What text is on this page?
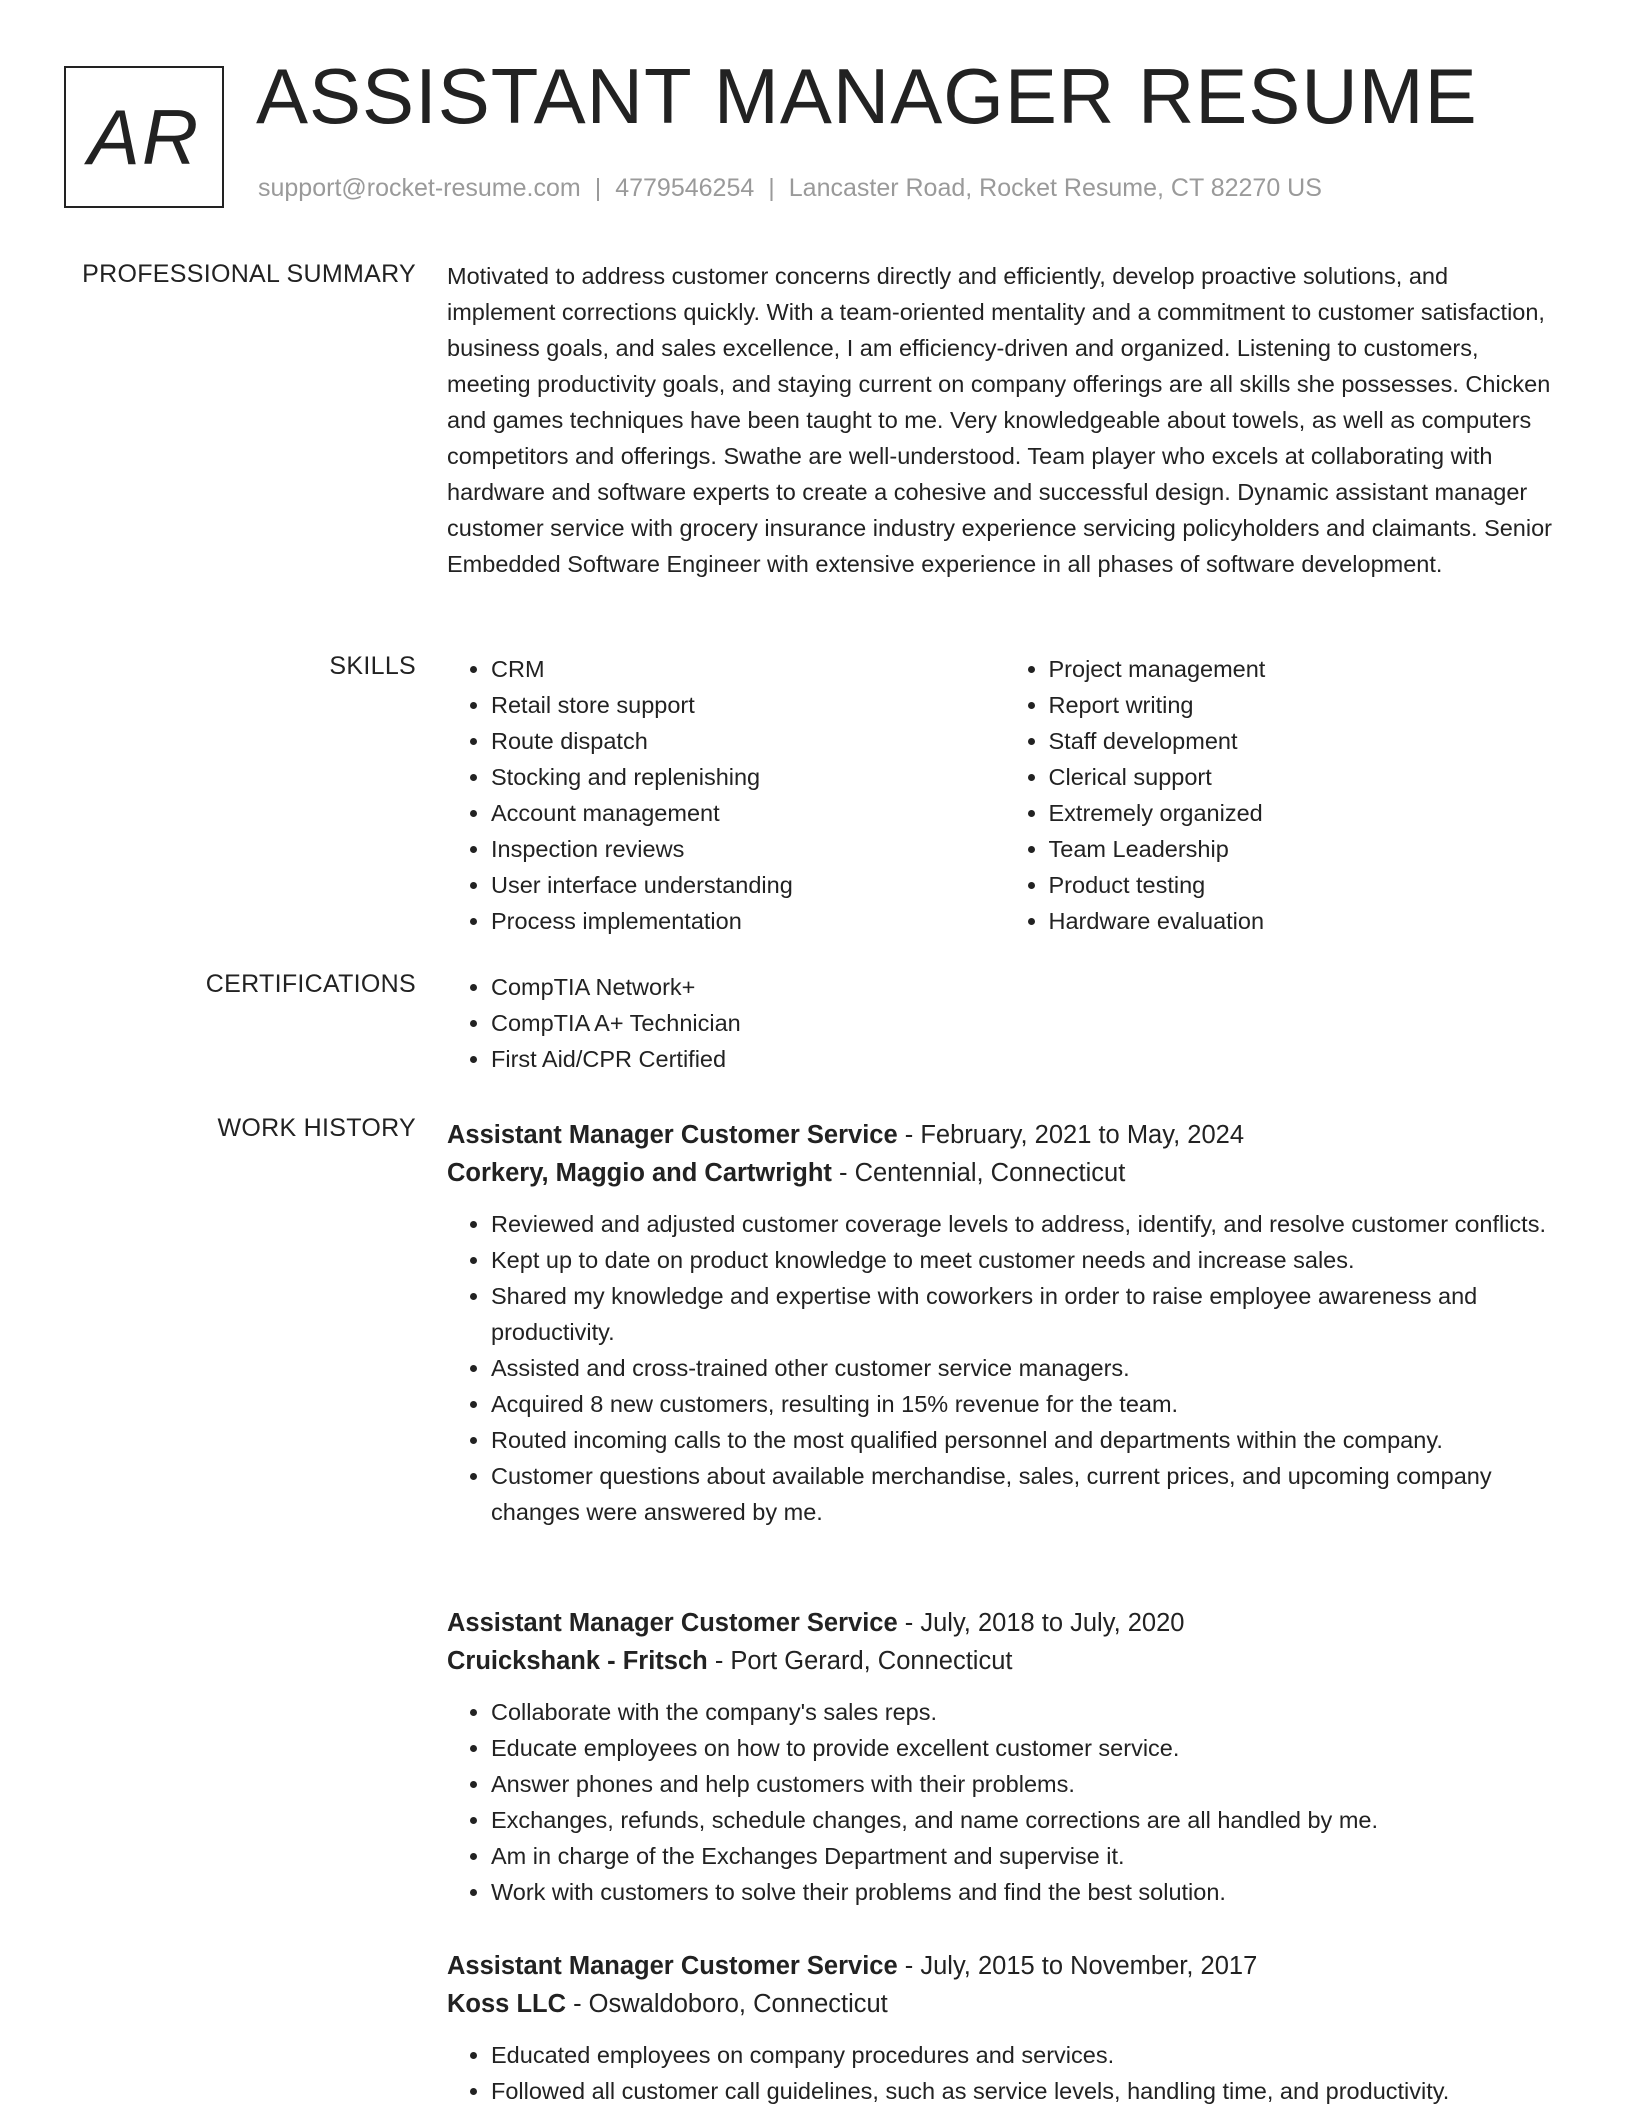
AR ASSISTANT MANAGER RESUME
support@rocket-resume.com | 4779546254 | Lancaster Road, Rocket Resume, CT 82270 US
PROFESSIONAL SUMMARY Motivated to address customer concerns directly and efficiently, develop proactive solutions, and implement corrections quickly. With a team-oriented mentality and a commitment to customer satisfaction, business goals, and sales excellence, I am efficiency-driven and organized. Listening to customers, meeting productivity goals, and staying current on company offerings are all skills she possesses. Chicken and games techniques have been taught to me. Very knowledgeable about towels, as well as computers competitors and offerings. Swathe are well-understood. Team player who excels at collaborating with hardware and software experts to create a cohesive and successful design. Dynamic assistant manager customer service with grocery insurance industry experience servicing policyholders and claimants. Senior Embedded Software Engineer with extensive experience in all phases of software development.

SKILLS	• CRM
• Retail store support
• Route dispatch
• Stocking and replenishing
• Account management
• Inspection reviews
• User interface understanding
• Process implementation
• Project management
• Report writing
• Staff development
• Clerical support
• Extremely organized
• Team Leadership
• Product testing
• Hardware evaluation
CERTIFICATIONS	• CompTIA Network+
• CompTIA A+ Technician
• First Aid/CPR Certified
WORK HISTORY Assistant Manager Customer Service - February, 2021 to May, 2024
Corkery, Maggio and Cartwright - Centennial, Connecticut
• Reviewed and adjusted customer coverage levels to address, identify, and resolve customer conflicts.
• Kept up to date on product knowledge to meet customer needs and increase sales.
• Shared my knowledge and expertise with coworkers in order to raise employee awareness and productivity.
• Assisted and cross-trained other customer service managers.
• Acquired 8 new customers, resulting in 15% revenue for the team.
• Routed incoming calls to the most qualified personnel and departments within the company.
• Customer questions about available merchandise, sales, current prices, and upcoming company changes were answered by me.
Assistant Manager Customer Service - July, 2018 to July, 2020
Cruickshank - Fritsch - Port Gerard, Connecticut
• Collaborate with the company's sales reps.
• Educate employees on how to provide excellent customer service.
• Answer phones and help customers with their problems.
• Exchanges, refunds, schedule changes, and name corrections are all handled by me.
• Am in charge of the Exchanges Department and supervise it.
• Work with customers to solve their problems and find the best solution.
Assistant Manager Customer Service - July, 2015 to November, 2017
Koss LLC - Oswaldoboro, Connecticut
• Educated employees on company procedures and services.
• Followed all customer call guidelines, such as service levels, handling time, and productivity.
